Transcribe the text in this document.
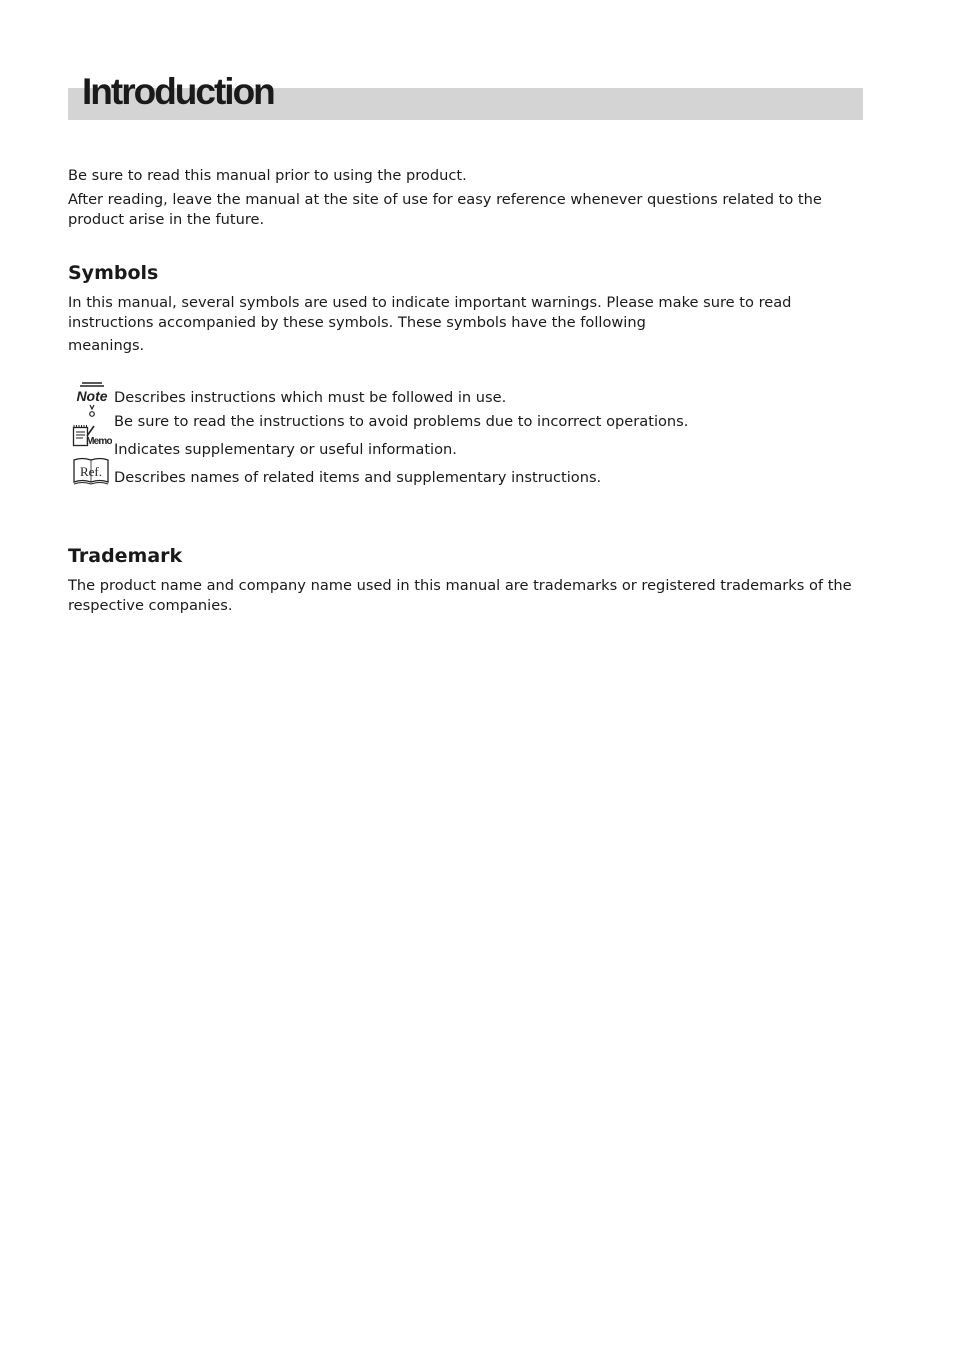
Introduction

Be sure to read this manual prior to using the product.

After reading, leave the manual at the site of use for easy reference whenever questions related to the product arise in the future.

Symbols

In this manual, several symbols are used to indicate important warnings. Please make sure to read instructions accompanied by these symbols. These symbols have the following

meanings.

Note Describes instructions which must be followed in use.

Be sure to read the instructions to avoid problems due to incorrect operations.

Memo Indicates supplementary or useful information.

Ref. Describes names of related items and supplementary instructions.

Trademark

The product name and company name used in this manual are trademarks or registered trademarks of the respective companies.
